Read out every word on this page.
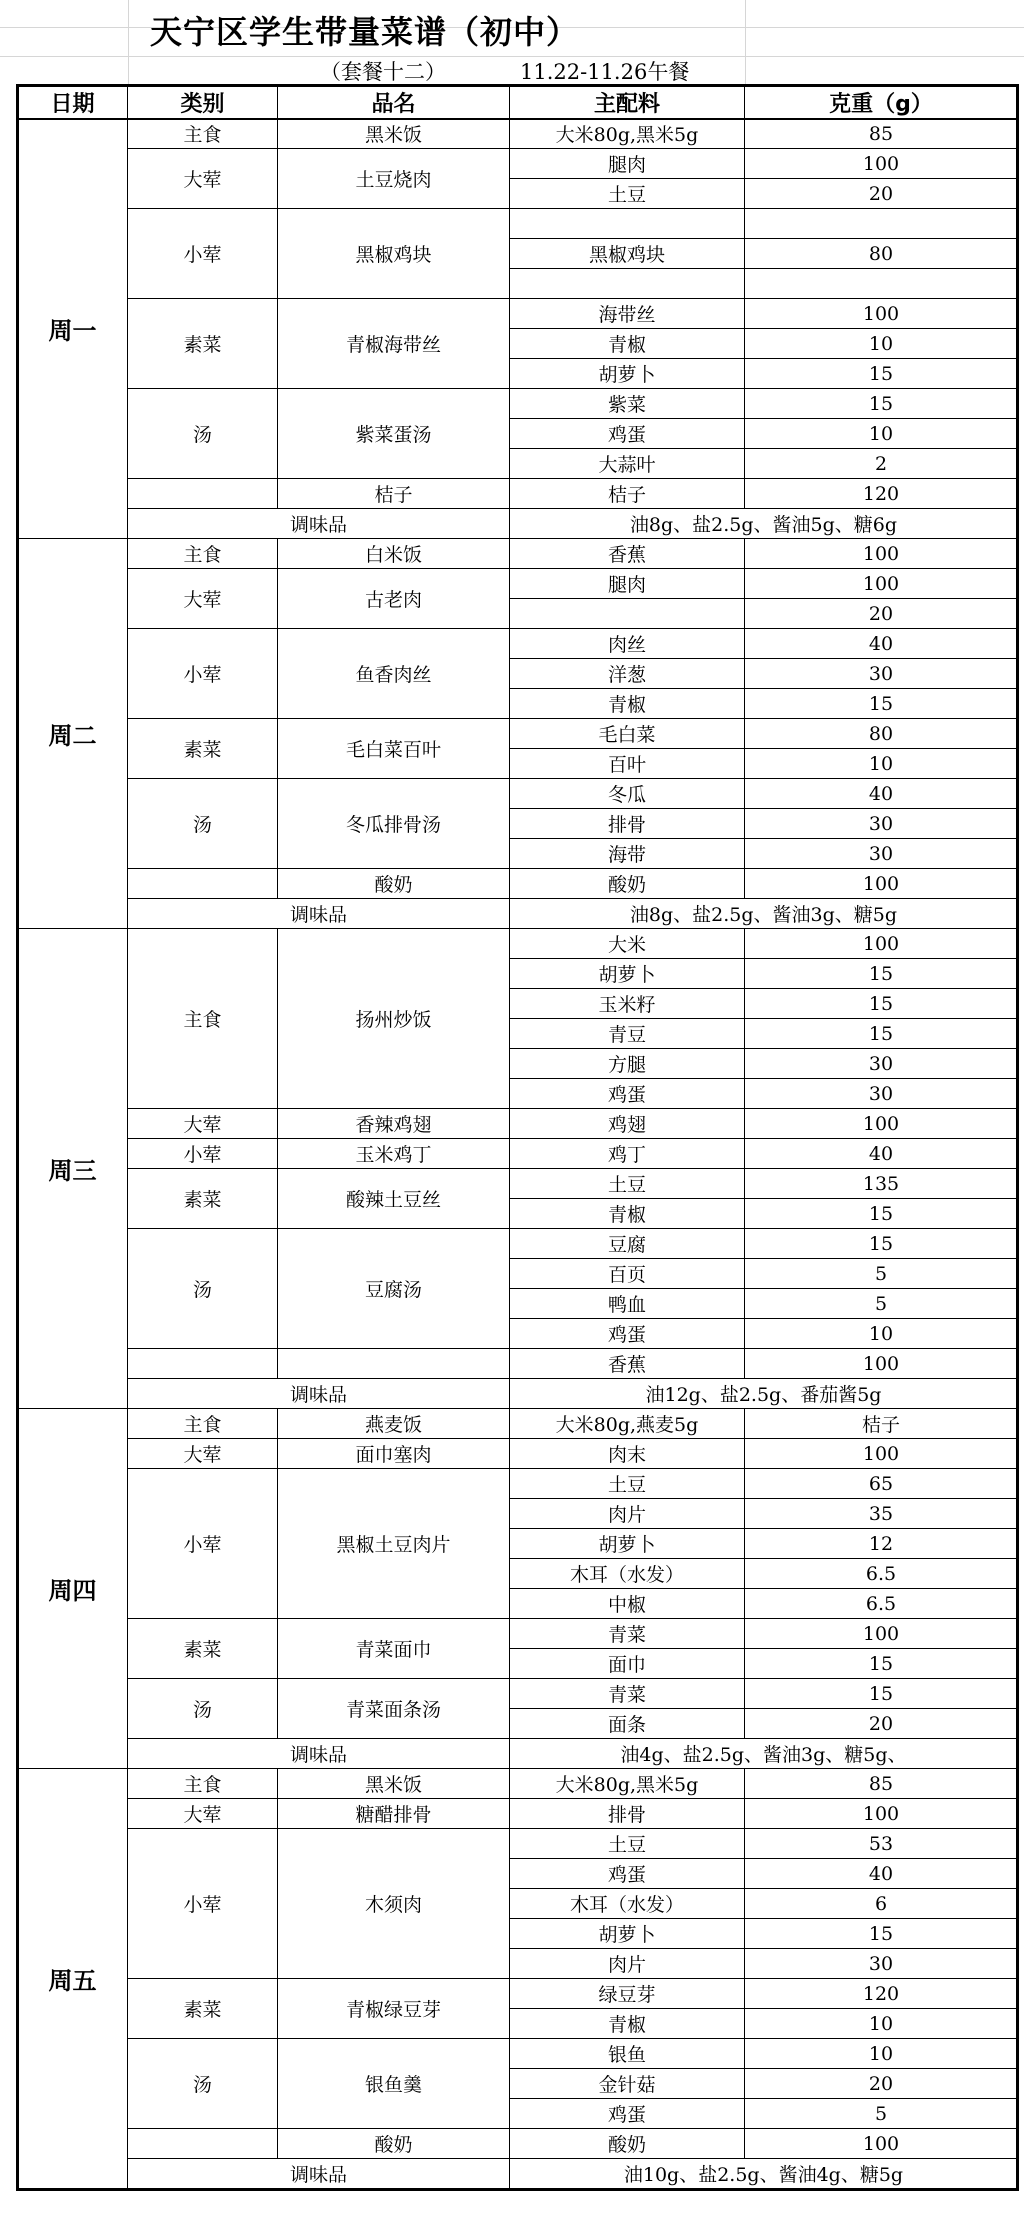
天宁区学生带量菜谱（初中）
（套餐十二）	11.22-11.26午餐
日期	类别	品名	主配料	克重（g）
主食	黑米饭	大米80g,黑米5g	85
大荤	土豆烧肉
腿肉	100
土豆	20
小荤	黑椒鸡块	黑椒鸡块	80
素菜	青椒海带丝
海带丝	100
青椒	10
胡萝卜	15
汤	紫菜蛋汤
紫菜	15
鸡蛋	10
大蒜叶	2
桔子	桔子	120
调味品	油8g、盐2.5g、酱油5g、糖6g
周一
主食	白米饭	香蕉	100
大荤	古老肉
腿肉	100
20
小荤	鱼香肉丝
肉丝	40
洋葱	30
青椒	15
素菜	毛白菜百叶
毛白菜	80
百叶	10
汤	冬瓜排骨汤
冬瓜	40
排骨	30
海带	30
酸奶	酸奶	100
调味品	油8g、盐2.5g、酱油3g、糖5g
周二
主食	扬州炒饭
大米	100
胡萝卜	15
玉米籽	15
青豆	15
方腿	30
鸡蛋	30
大荤	香辣鸡翅	鸡翅	100
小荤	玉米鸡丁	鸡丁	40
素菜	酸辣土豆丝
土豆	135
青椒	15
汤	豆腐汤
豆腐	15
百页	5
鸭血	5
鸡蛋	10
香蕉	100
调味品	油12g、盐2.5g、番茄酱5g
周三
主食	燕麦饭	大米80g,燕麦5g	桔子
大荤	面巾塞肉	肉末	100
小荤	黑椒土豆肉片
土豆	65
肉片	35
胡萝卜	12
木耳（水发）	6.5
中椒	6.5
素菜	青菜面巾
青菜	100
面巾	15
汤	青菜面条汤
青菜	15
面条	20
调味品	油4g、盐2.5g、酱油3g、糖5g、
周四
主食	黑米饭	大米80g,黑米5g	85
大荤	糖醋排骨	排骨	100
小荤	木须肉
土豆	53
鸡蛋	40
木耳（水发）	6
胡萝卜	15
肉片	30
素菜	青椒绿豆芽
绿豆芽	120
青椒	10
汤	银鱼羹
银鱼	10
金针菇	20
鸡蛋	5
酸奶	酸奶	100
调味品	油10g、盐2.5g、酱油4g、糖5g
周五
